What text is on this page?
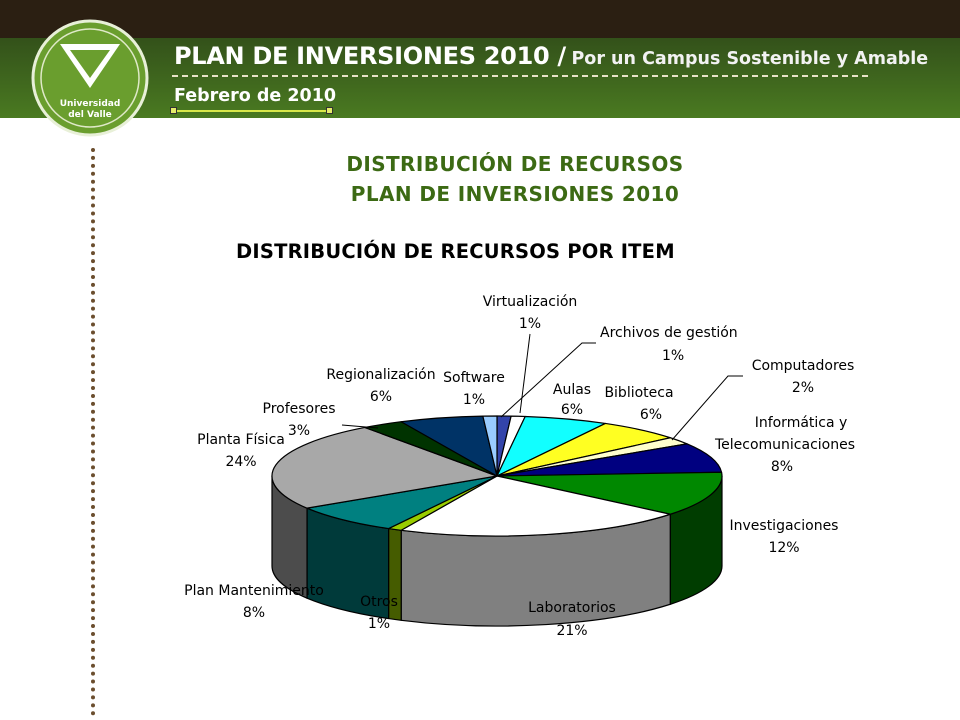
Universidad
del Valle
PLAN DE INVERSIONES 2010 / Por un Campus Sostenible y Amable
Febrero de 2010
DISTRIBUCIÓN DE RECURSOS
PLAN DE INVERSIONES 2010
DISTRIBUCIÓN DE RECURSOS POR ITEM
Virtualización
1%
Archivos de gestión
1%
Aulas
6%
Biblioteca
6%
Computadores
2%
Informática y
Telecomunicaciones
8%
Investigaciones
12%
Laboratorios
21%
Otros
1%
Plan Mantenimiento
8%
Planta Física
24%
Profesores
3%
Regionalización
6%
Software
1%
